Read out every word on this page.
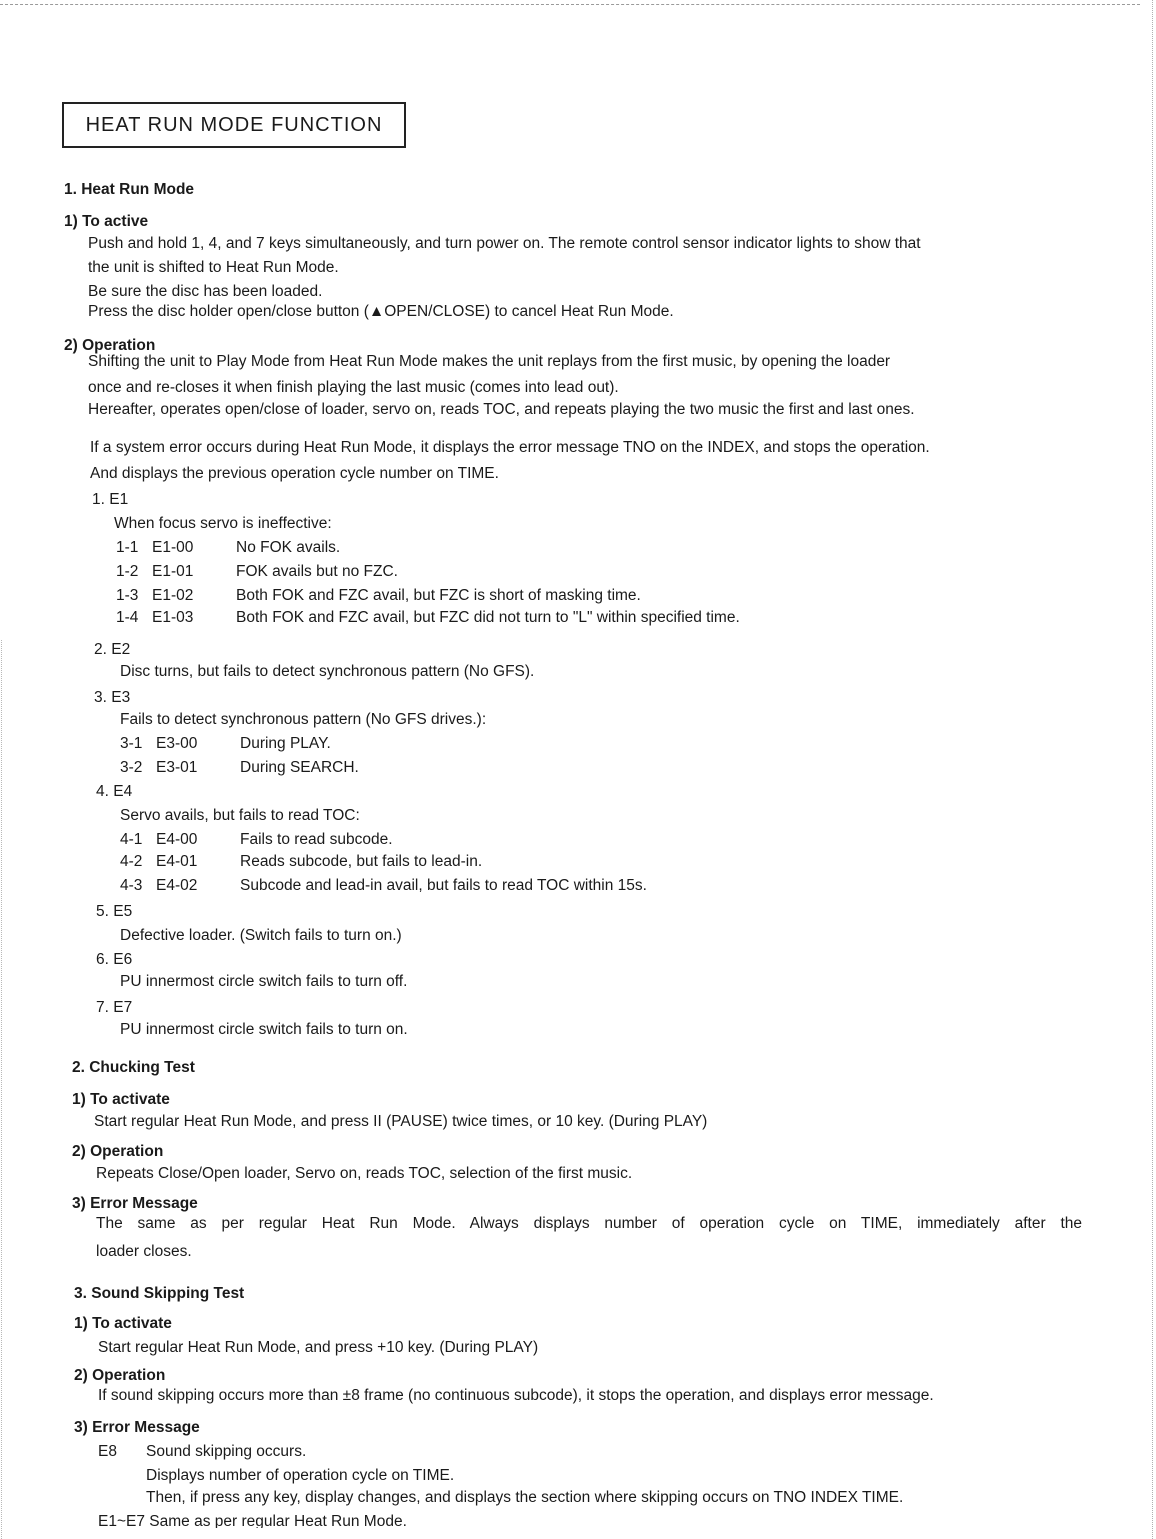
HEAT RUN MODE FUNCTION
1. Heat Run Mode
1) To active
Push and hold 1, 4, and 7 keys simultaneously, and turn power on. The remote control sensor indicator lights to show that
the unit is shifted to Heat Run Mode.
Be sure the disc has been loaded.
Press the disc holder open/close button (▲OPEN/CLOSE) to cancel Heat Run Mode.
2) Operation
Shifting the unit to Play Mode from Heat Run Mode makes the unit replays from the first music, by opening the loader
once and re-closes it when finish playing the last music (comes into lead out).
Hereafter, operates open/close of loader, servo on, reads TOC, and repeats playing the two music the first and last ones.
If a system error occurs during Heat Run Mode, it displays the error message TNO on the INDEX, and stops the operation.
And displays the previous operation cycle number on TIME.
1. E1
When focus servo is ineffective:
1-1 E1-00	No FOK avails.
1-2 E1-01	FOK avails but no FZC.
1-3 E1-02	Both FOK and FZC avail, but FZC is short of masking time.
1-4 E1-03	Both FOK and FZC avail, but FZC did not turn to "L" within specified time.
2. E2
Disc turns, but fails to detect synchronous pattern (No GFS).
3. E3
Fails to detect synchronous pattern (No GFS drives.):
3-1 E3-00	During PLAY.
3-2 E3-01	During SEARCH.
4. E4
Servo avails, but fails to read TOC:
4-1 E4-00	Fails to read subcode.
4-2 E4-01	Reads subcode, but fails to lead-in.
4-3 E4-02	Subcode and lead-in avail, but fails to read TOC within 15s.
5. E5
Defective loader. (Switch fails to turn on.)
6. E6
PU innermost circle switch fails to turn off.
7. E7
PU innermost circle switch fails to turn on.
2. Chucking Test
1) To activate
Start regular Heat Run Mode, and press II (PAUSE) twice times, or 10 key. (During PLAY)
2) Operation
Repeats Close/Open loader, Servo on, reads TOC, selection of the first music.
3) Error Message
The same as per regular Heat Run Mode. Always displays number of operation cycle on TIME, immediately after the
loader closes.
3. Sound Skipping Test
1) To activate
Start regular Heat Run Mode, and press +10 key. (During PLAY)
2) Operation
If sound skipping occurs more than ±8 frame (no continuous subcode), it stops the operation, and displays error message.
3) Error Message
E8 Sound skipping occurs.
Displays number of operation cycle on TIME.
Then, if press any key, display changes, and displays the section where skipping occurs on TNO INDEX TIME.
E1~E7 Same as per regular Heat Run Mode.
